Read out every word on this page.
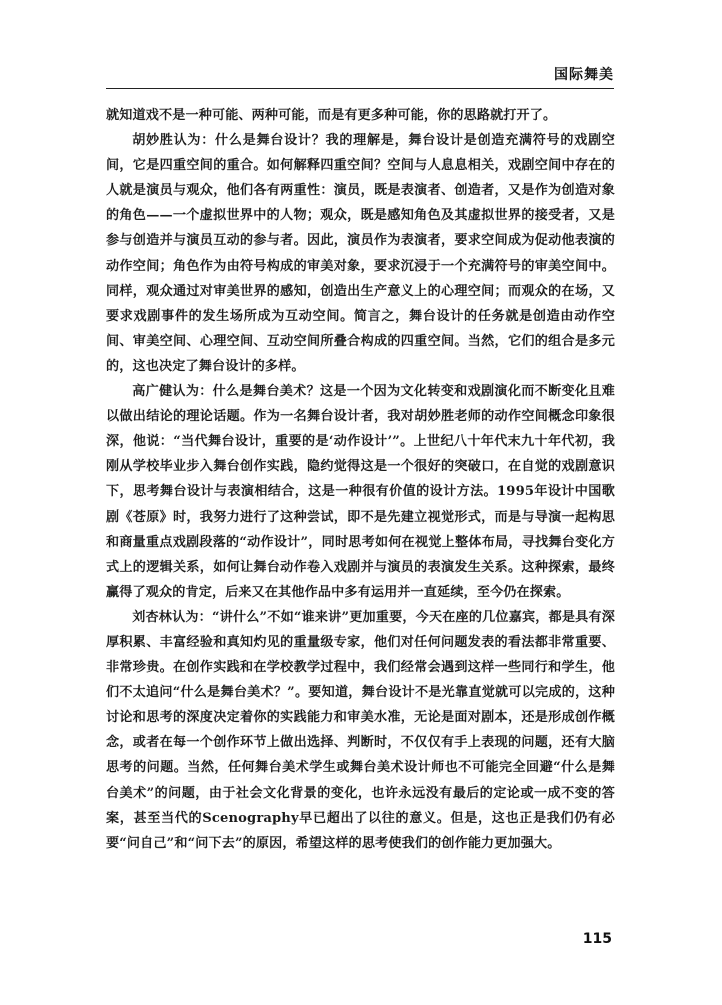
国际舞美

就知道戏不是一种可能、两种可能，而是有更多种可能，你的思路就打开了。

胡妙胜认为：什么是舞台设计？我的理解是，舞台设计是创造充满符号的戏剧空间，它是四重空间的重合。如何解释四重空间？空间与人息息相关，戏剧空间中存在的人就是演员与观众，他们各有两重性：演员，既是表演者、创造者，又是作为创造对象的角色——一个虚拟世界中的人物；观众，既是感知角色及其虚拟世界的接受者，又是参与创造并与演员互动的参与者。因此，演员作为表演者，要求空间成为促动他表演的动作空间；角色作为由符号构成的审美对象，要求沉浸于一个充满符号的审美空间中。同样，观众通过对审美世界的感知，创造出生产意义上的心理空间；而观众的在场，又要求戏剧事件的发生场所成为互动空间。简言之，舞台设计的任务就是创造由动作空间、审美空间、心理空间、互动空间所叠合构成的四重空间。当然，它们的组合是多元的，这也决定了舞台设计的多样。

高广健认为：什么是舞台美术？这是一个因为文化转变和戏剧演化而不断变化且难以做出结论的理论话题。作为一名舞台设计者，我对胡妙胜老师的动作空间概念印象很深，他说：“当代舞台设计，重要的是‘动作设计’”。上世纪八十年代末九十年代初，我刚从学校毕业步入舞台创作实践，隐约觉得这是一个很好的突破口，在自觉的戏剧意识下，思考舞台设计与表演相结合，这是一种很有价值的设计方法。1995年设计中国歌剧《苍原》时，我努力进行了这种尝试，即不是先建立视觉形式，而是与导演一起构思和商量重点戏剧段落的“动作设计”，同时思考如何在视觉上整体布局，寻找舞台变化方式上的逻辑关系，如何让舞台动作卷入戏剧并与演员的表演发生关系。这种探索，最终赢得了观众的肯定，后来又在其他作品中多有运用并一直延续，至今仍在探索。

刘杏林认为：“讲什么”不如“谁来讲”更加重要，今天在座的几位嘉宾，都是具有深厚积累、丰富经验和真知灼见的重量级专家，他们对任何问题发表的看法都非常重要、非常珍贵。在创作实践和在学校教学过程中，我们经常会遇到这样一些同行和学生，他们不太追问“什么是舞台美术？”。要知道，舞台设计不是光靠直觉就可以完成的，这种讨论和思考的深度决定着你的实践能力和审美水准，无论是面对剧本，还是形成创作概念，或者在每一个创作环节上做出选择、判断时，不仅仅有手上表现的问题，还有大脑思考的问题。当然，任何舞台美术学生或舞台美术设计师也不可能完全回避“什么是舞台美术”的问题，由于社会文化背景的变化，也许永远没有最后的定论或一成不变的答案，甚至当代的Scenography早已超出了以往的意义。但是，这也正是我们仍有必要“问自己”和“问下去”的原因，希望这样的思考使我们的创作能力更加强大。

115
